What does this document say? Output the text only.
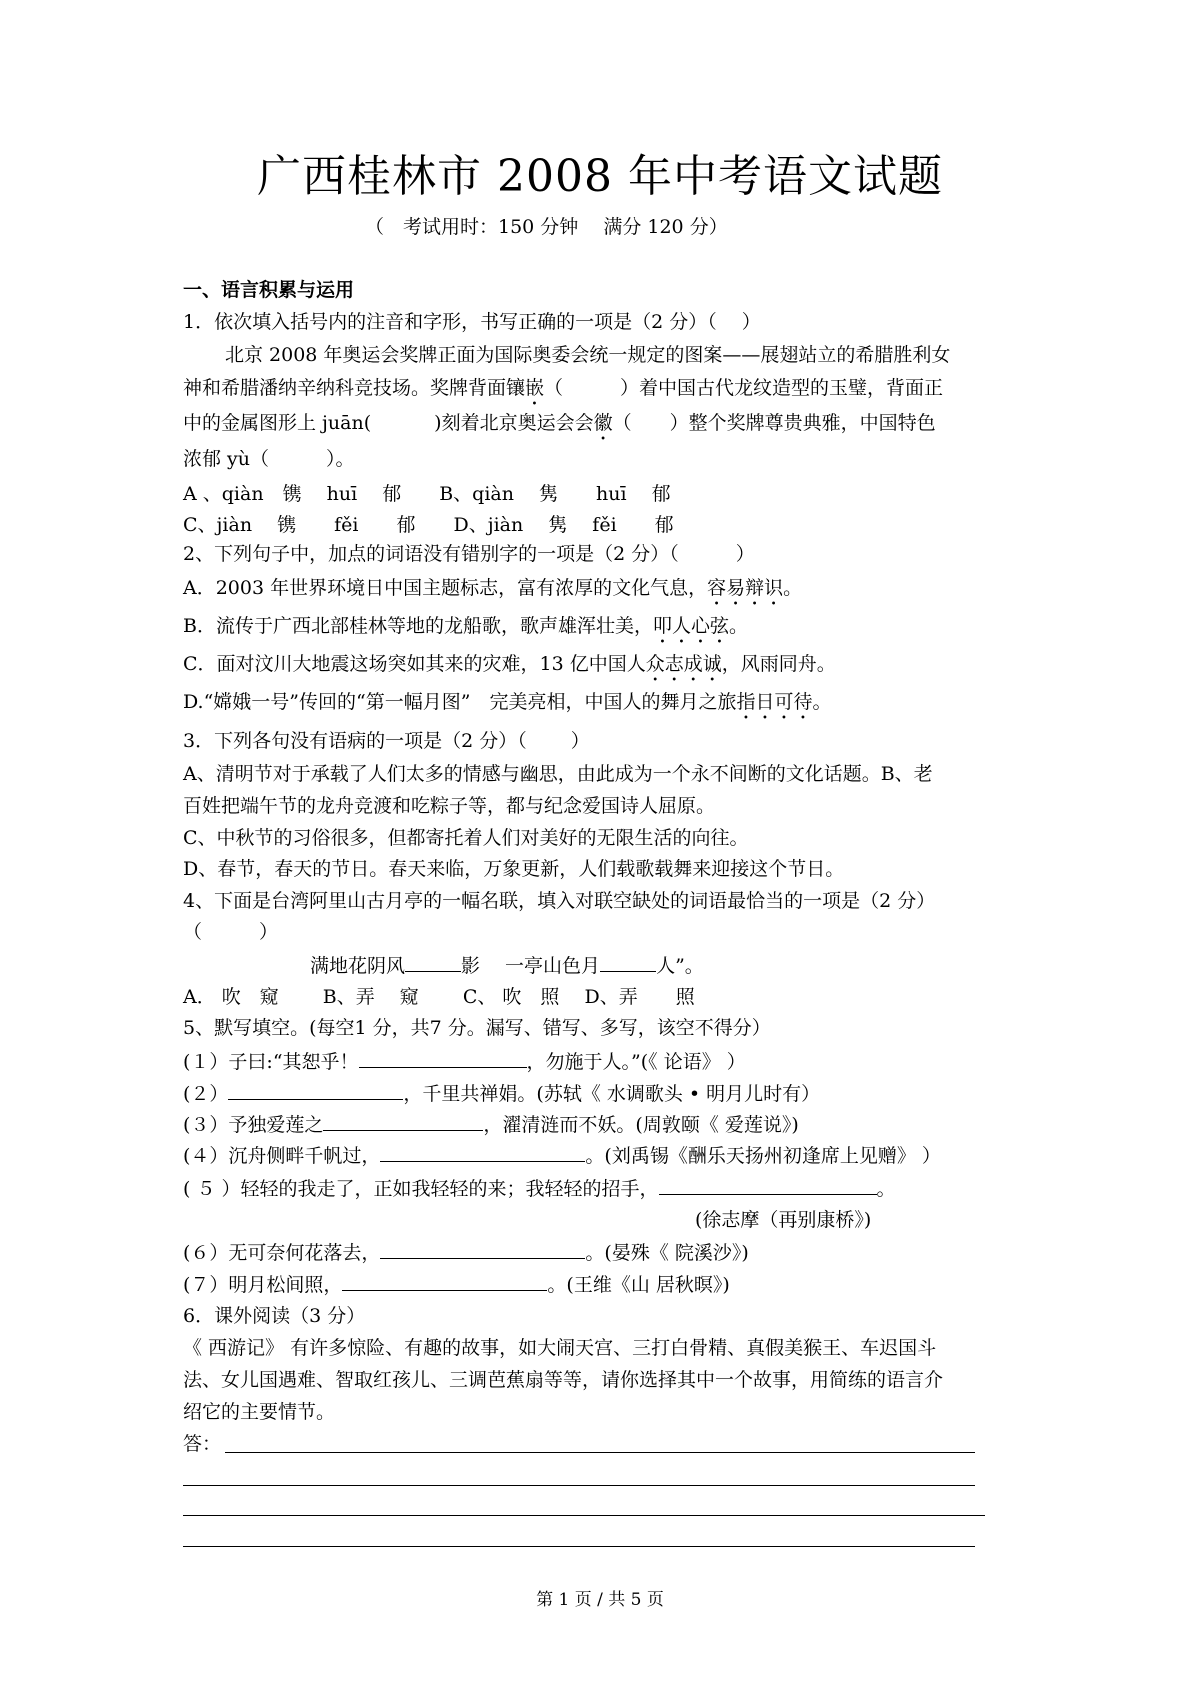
广西桂林市 2008 年中考语文试题
（　考试用时：150 分钟　 满分 120 分）
一、语言积累与运用
1．依次填入括号内的注音和字形，书写正确的一项是（2 分）（　 ）
北京 2008 年奥运会奖牌正面为国际奥委会统一规定的图案——展翅站立的希腊胜利女
神和希腊潘纳辛纳科竞技场。奖牌背面镶嵌（　　　）着中国古代龙纹造型的玉璧，背面正
中的金属图形上 juān(　　　 )刻着北京奥运会会徽（　　）整个奖牌尊贵典雅，中国特色
浓郁 yù（　　　）。
A 、qiàn　镌　 huī　 郁　　B、qiàn　 隽　　huī　 郁
C、jiàn　 镌　　fěi　　郁　　D、jiàn　 隽　 fěi　　郁
2、下列句子中，加点的词语没有错别字的一项是（2 分）（　　　）
A．2003 年世界环境日中国主题标志，富有浓厚的文化气息，容易辩识。
B．流传于广西北部桂林等地的龙船歌，歌声雄浑壮美，叩人心弦。
C．面对汶川大地震这场突如其来的灾难，13 亿中国人众志成诚，风雨同舟。
D.“嫦娥一号”传回的“第一幅月图”　完美亮相，中国人的舞月之旅指日可待。
3．下列各句没有语病的一项是（2 分）（　　 ）
A、清明节对于承载了人们太多的情感与幽思，由此成为一个永不间断的文化话题。B、老
百姓把端午节的龙舟竞渡和吃粽子等，都与纪念爱国诗人屈原。
C、中秋节的习俗很多，但都寄托着人们对美好的无限生活的向往。
D、春节，春天的节日。春天来临，万象更新，人们载歌载舞来迎接这个节日。
4、下面是台湾阿里山古月亭的一幅名联，填入对联空缺处的词语最恰当的一项是（2 分）
（　　　）
满地花阴风	影　 一亭山色月	人”。
A． 吹　窥　　 B、弄　 窥　　 C、 吹　照　 D、弄　　照
5、默写填空。(每空1 分，共7 分。漏写、错写、多写，该空不得分）
(１）子曰:“其恕乎！	，勿施于人。”(《 论语》 ）
(２）	，千里共禅娟。(苏轼《 水调歌头 • 明月儿时有）
(３）予独爱莲之	，濯清涟而不妖。(周敦颐《 爱莲说》)
(４）沉舟侧畔千帆过，	。(刘禹锡《酬乐天扬州初逢席上见赠》 ）
( ５ ）轻轻的我走了，正如我轻轻的来；我轻轻的招手，	。
(徐志摩（再别康桥》)
(６）无可奈何花落去，	。(晏殊《 院溪沙》)
(７）明月松间照，	。(王维《山 居秋暝》)
6．课外阅读（3 分）
《 西游记》 有许多惊险、有趣的故事，如大闹天宫、三打白骨精、真假美猴王、车迟国斗
法、女儿国遇难、智取红孩儿、三调芭蕉扇等等，请你选择其中一个故事，用简练的语言介
绍它的主要情节。
答：
第 1 页 / 共 5 页
